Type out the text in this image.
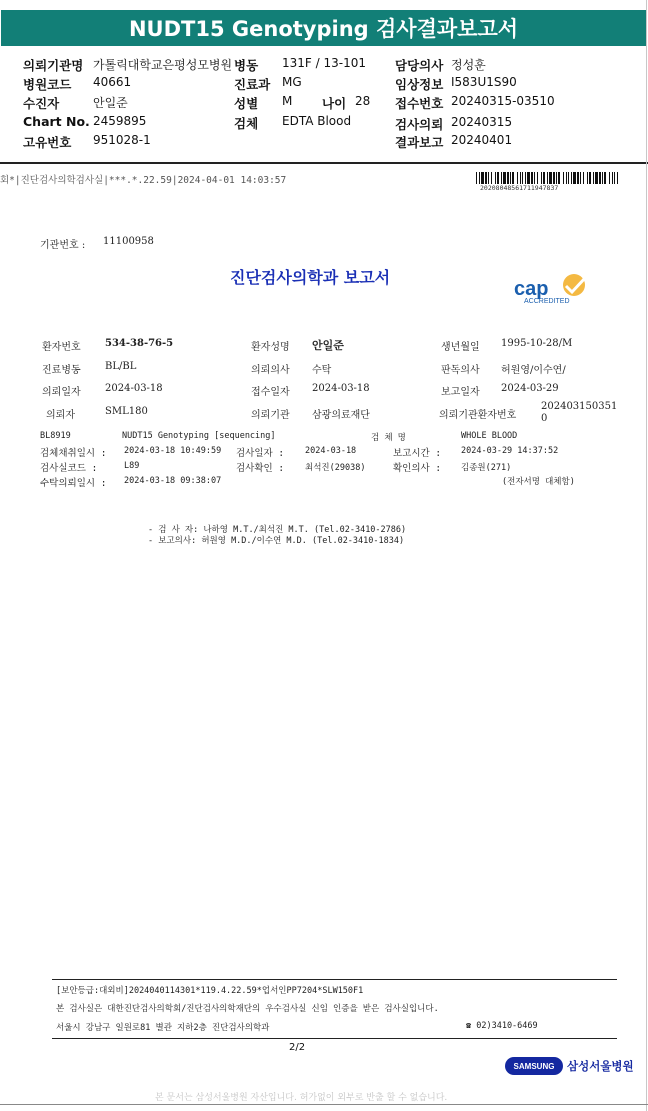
NUDT15 Genotyping 검사결과보고서
의뢰기관명 가톨릭대학교은평성모병원 병동 131F / 13-101 담당의사 정성훈
병원코드 40661	진료과 MG	임상정보 I583U1S90
수진자	안일준	성별 M 나이 28 접수번호 20240315-03510
Chart No. 2459895	검체 EDTA Blood	검사의뢰 20240315
고유번호 951028-1	결과보고 20240401
회*|진단검사의학검사실|***.*.22.59|2024-04-01 14:03:57
20208048561711947837
기관번호 : 11100958
진단검사의학과 보고서
cap
ACCREDITED
환자번호 534-38-76-5	환자성명 안일준	생년월일 1995-10-28/M
진료병동 BL/BL	의뢰의사 수탁	판독의사 허원영/이수연/
의뢰일자 2024-03-18	접수일자 2024-03-18	보고일자 2024-03-29
의뢰자	SML180	의뢰기관 삼광의료재단	의뢰기관환자번호
202403150351
0
BL8919	NUDT15 Genotyping [sequencing]	검 체 명	WHOLE BLOOD
검체채취일시 : 2024-03-18 10:49:59 검사일자 : 2024-03-18	보고시간 : 2024-03-29 14:37:52
검사실코드 :	L89	검사확인 : 최석진(29038)	확인의사 : 김종원(271)
수탁의뢰일시 : 2024-03-18 09:38:07	(전자서명 대체함)
- 검 사 자: 나하영 M.T./최석진 M.T. (Tel.02-3410-2786)
- 보고의사: 허원영 M.D./이수연 M.D. (Tel.02-3410-1834)
[보안등급:대외비]2024040114301*119.4.22.59*업서인PP7204*SLW150F1
본 검사실은 대한진단검사의학회/진단검사의학재단의 우수검사실 신임 인증을 받은 검사실입니다.
서울시 강남구 일원로81 별관 지하2층 진단검사의학과	☎ 02)3410-6469
2/2
SAMSUNG 삼성서울병원
본 문서는 삼성서울병원 자산입니다. 허가없이 외부로 반출 할 수 없습니다.
